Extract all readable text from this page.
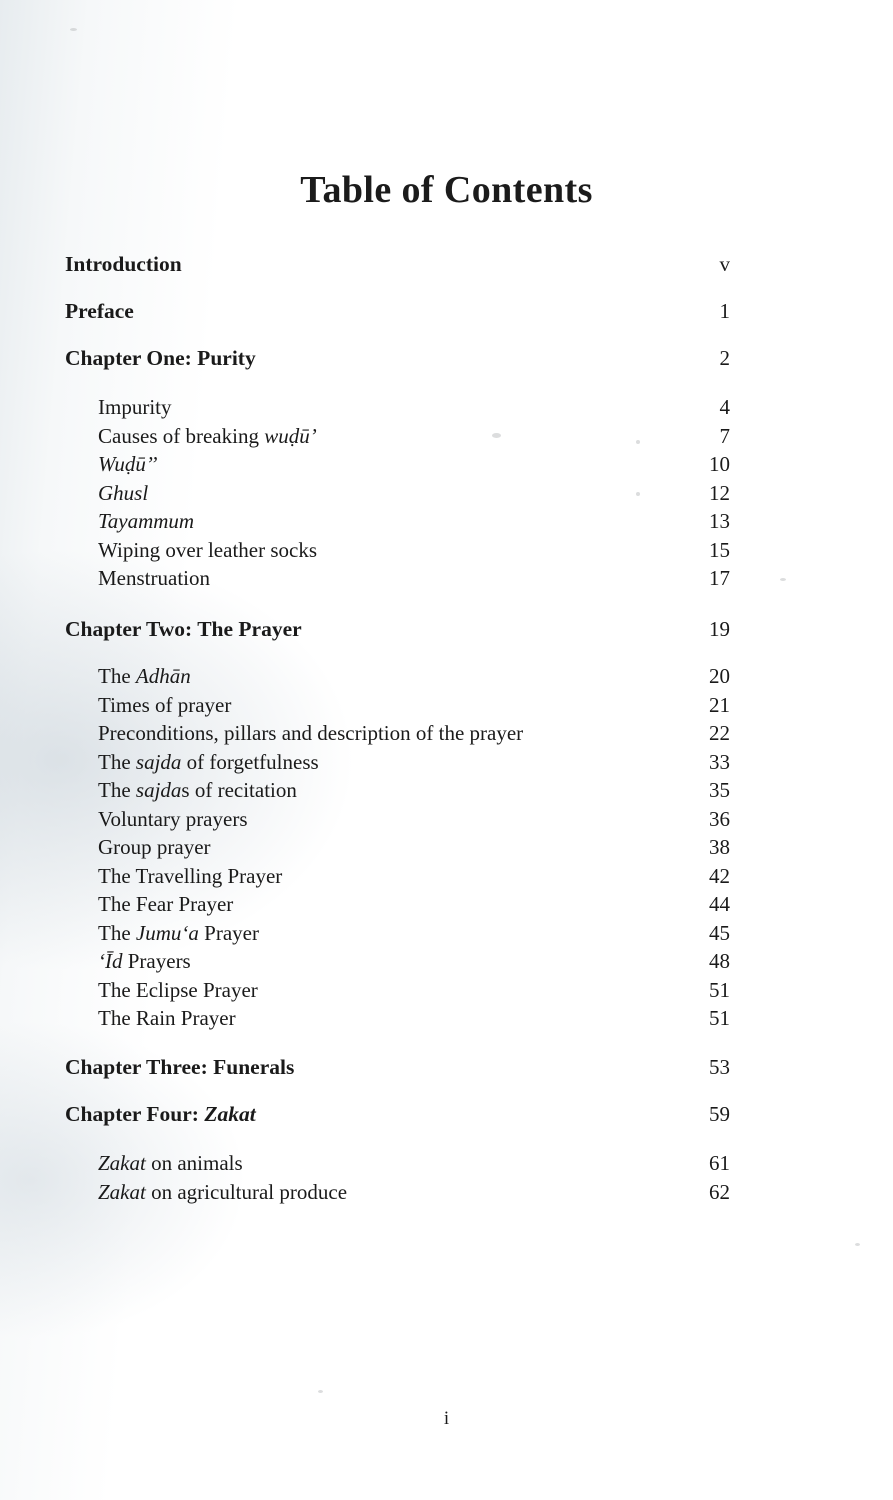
Table of Contents
Introduction	v
Preface	1
Chapter One: Purity	2
Impurity	4
Causes of breaking wuḍū’	7
Wuḍū’’	10
Ghusl	12
Tayammum	13
Wiping over leather socks	15
Menstruation	17
Chapter Two: The Prayer	19
The Adhān	20
Times of prayer	21
Preconditions, pillars and description of the prayer	22
The sajda of forgetfulness	33
The sajdas of recitation	35
Voluntary prayers	36
Group prayer	38
The Travelling Prayer	42
The Fear Prayer	44
The Jumu‘a Prayer	45
‘Īd Prayers	48
The Eclipse Prayer	51
The Rain Prayer	51
Chapter Three: Funerals	53
Chapter Four: Zakat	59
Zakat on animals	61
Zakat on agricultural produce	62
i
